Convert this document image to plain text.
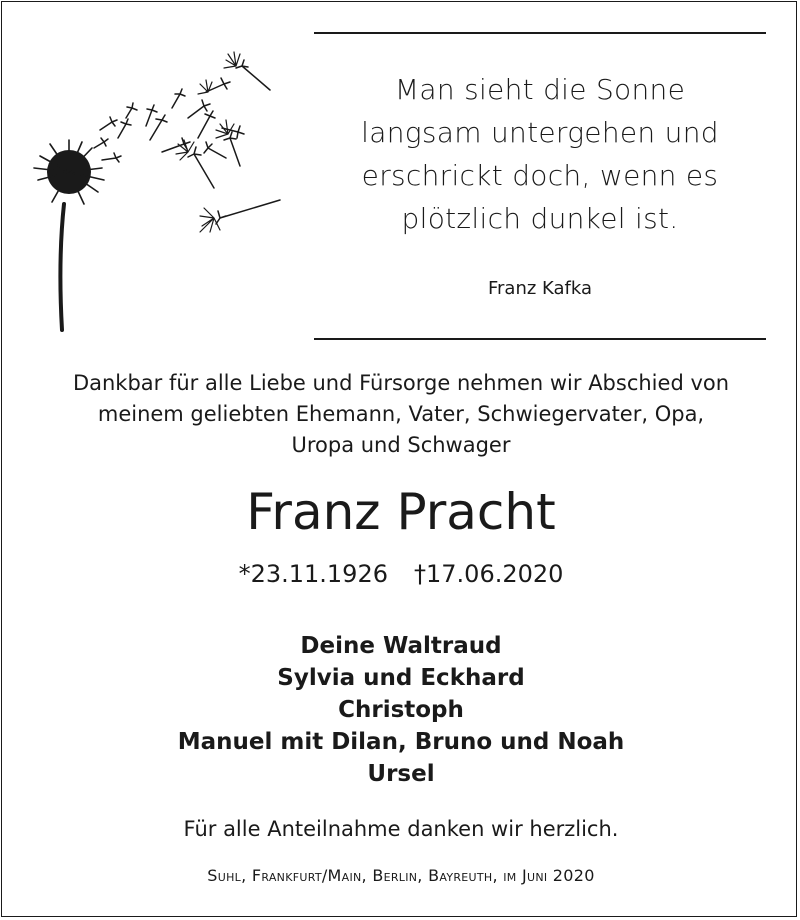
Man sieht die Sonne
langsam untergehen und
erschrickt doch, wenn es
plötzlich dunkel ist.
Franz Kafka
Dankbar für alle Liebe und Fürsorge nehmen wir Abschied von
meinem geliebten Ehemann, Vater, Schwiegervater, Opa,
Uropa und Schwager
Franz Pracht
*23.11.1926 †17.06.2020
Deine Waltraud
Sylvia und Eckhard
Christoph
Manuel mit Dilan, Bruno und Noah
Ursel
Für alle Anteilnahme danken wir herzlich.
Suhl, Frankfurt/Main, Berlin, Bayreuth, im Juni 2020
